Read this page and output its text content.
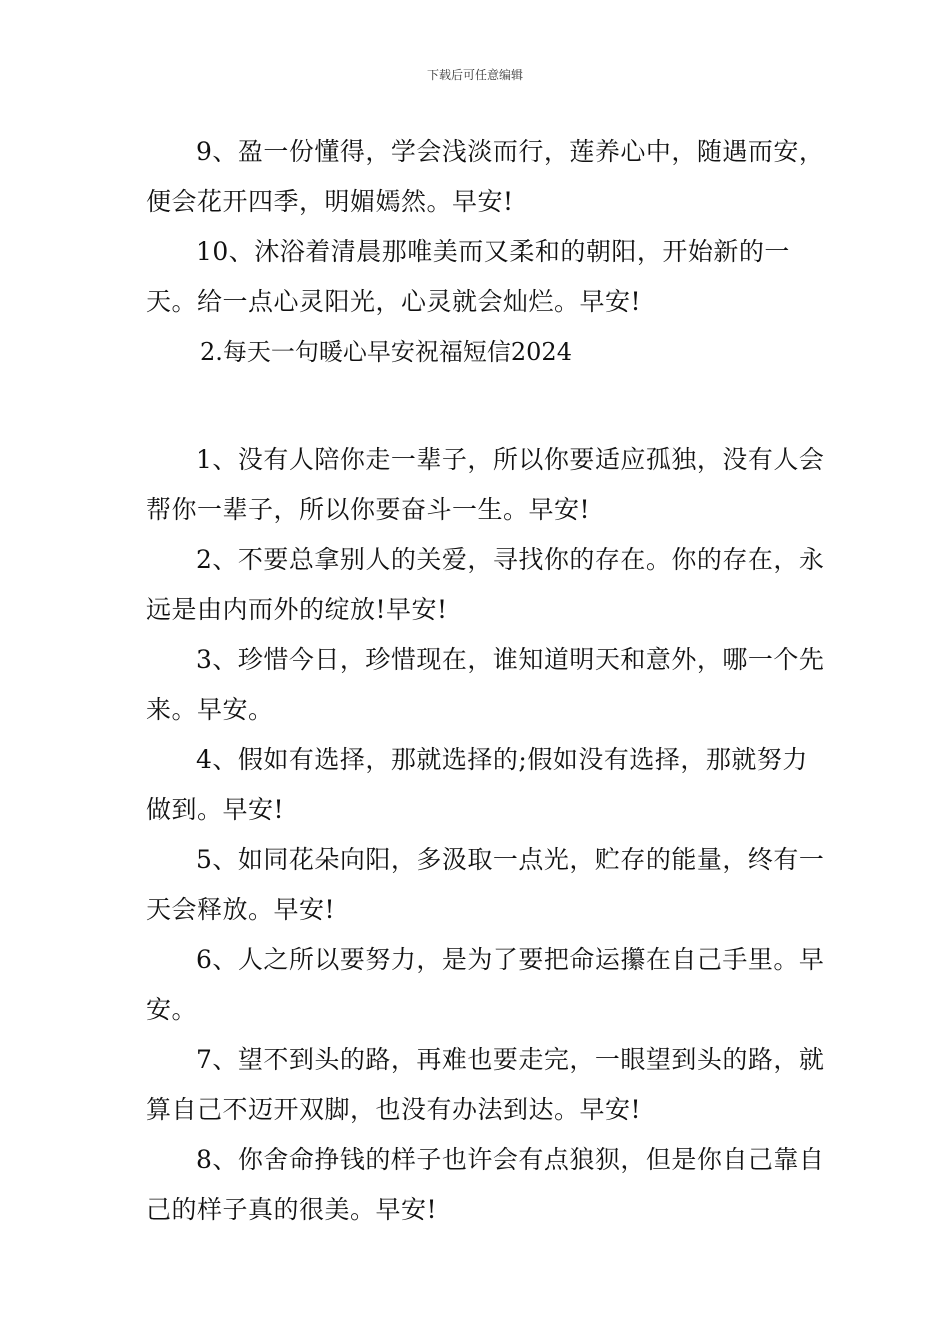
下载后可任意编辑

9、盈一份懂得，学会浅淡而行，莲养心中，随遇而安，便会花开四季，明媚嫣然。早安!

10、沐浴着清晨那唯美而又柔和的朝阳，开始新的一天。给一点心灵阳光，心灵就会灿烂。早安!

2.每天一句暖心早安祝福短信2024

1、没有人陪你走一辈子，所以你要适应孤独，没有人会帮你一辈子，所以你要奋斗一生。早安!

2、不要总拿别人的关爱，寻找你的存在。你的存在，永远是由内而外的绽放!早安!

3、珍惜今日，珍惜现在，谁知道明天和意外，哪一个先来。早安。

4、假如有选择，那就选择的;假如没有选择，那就努力做到。早安!

5、如同花朵向阳，多汲取一点光，贮存的能量，终有一天会释放。早安!

6、人之所以要努力，是为了要把命运攥在自己手里。早安。

7、望不到头的路，再难也要走完，一眼望到头的路，就算自己不迈开双脚，也没有办法到达。早安!

8、你舍命挣钱的样子也许会有点狼狈，但是你自己靠自己的样子真的很美。早安!
